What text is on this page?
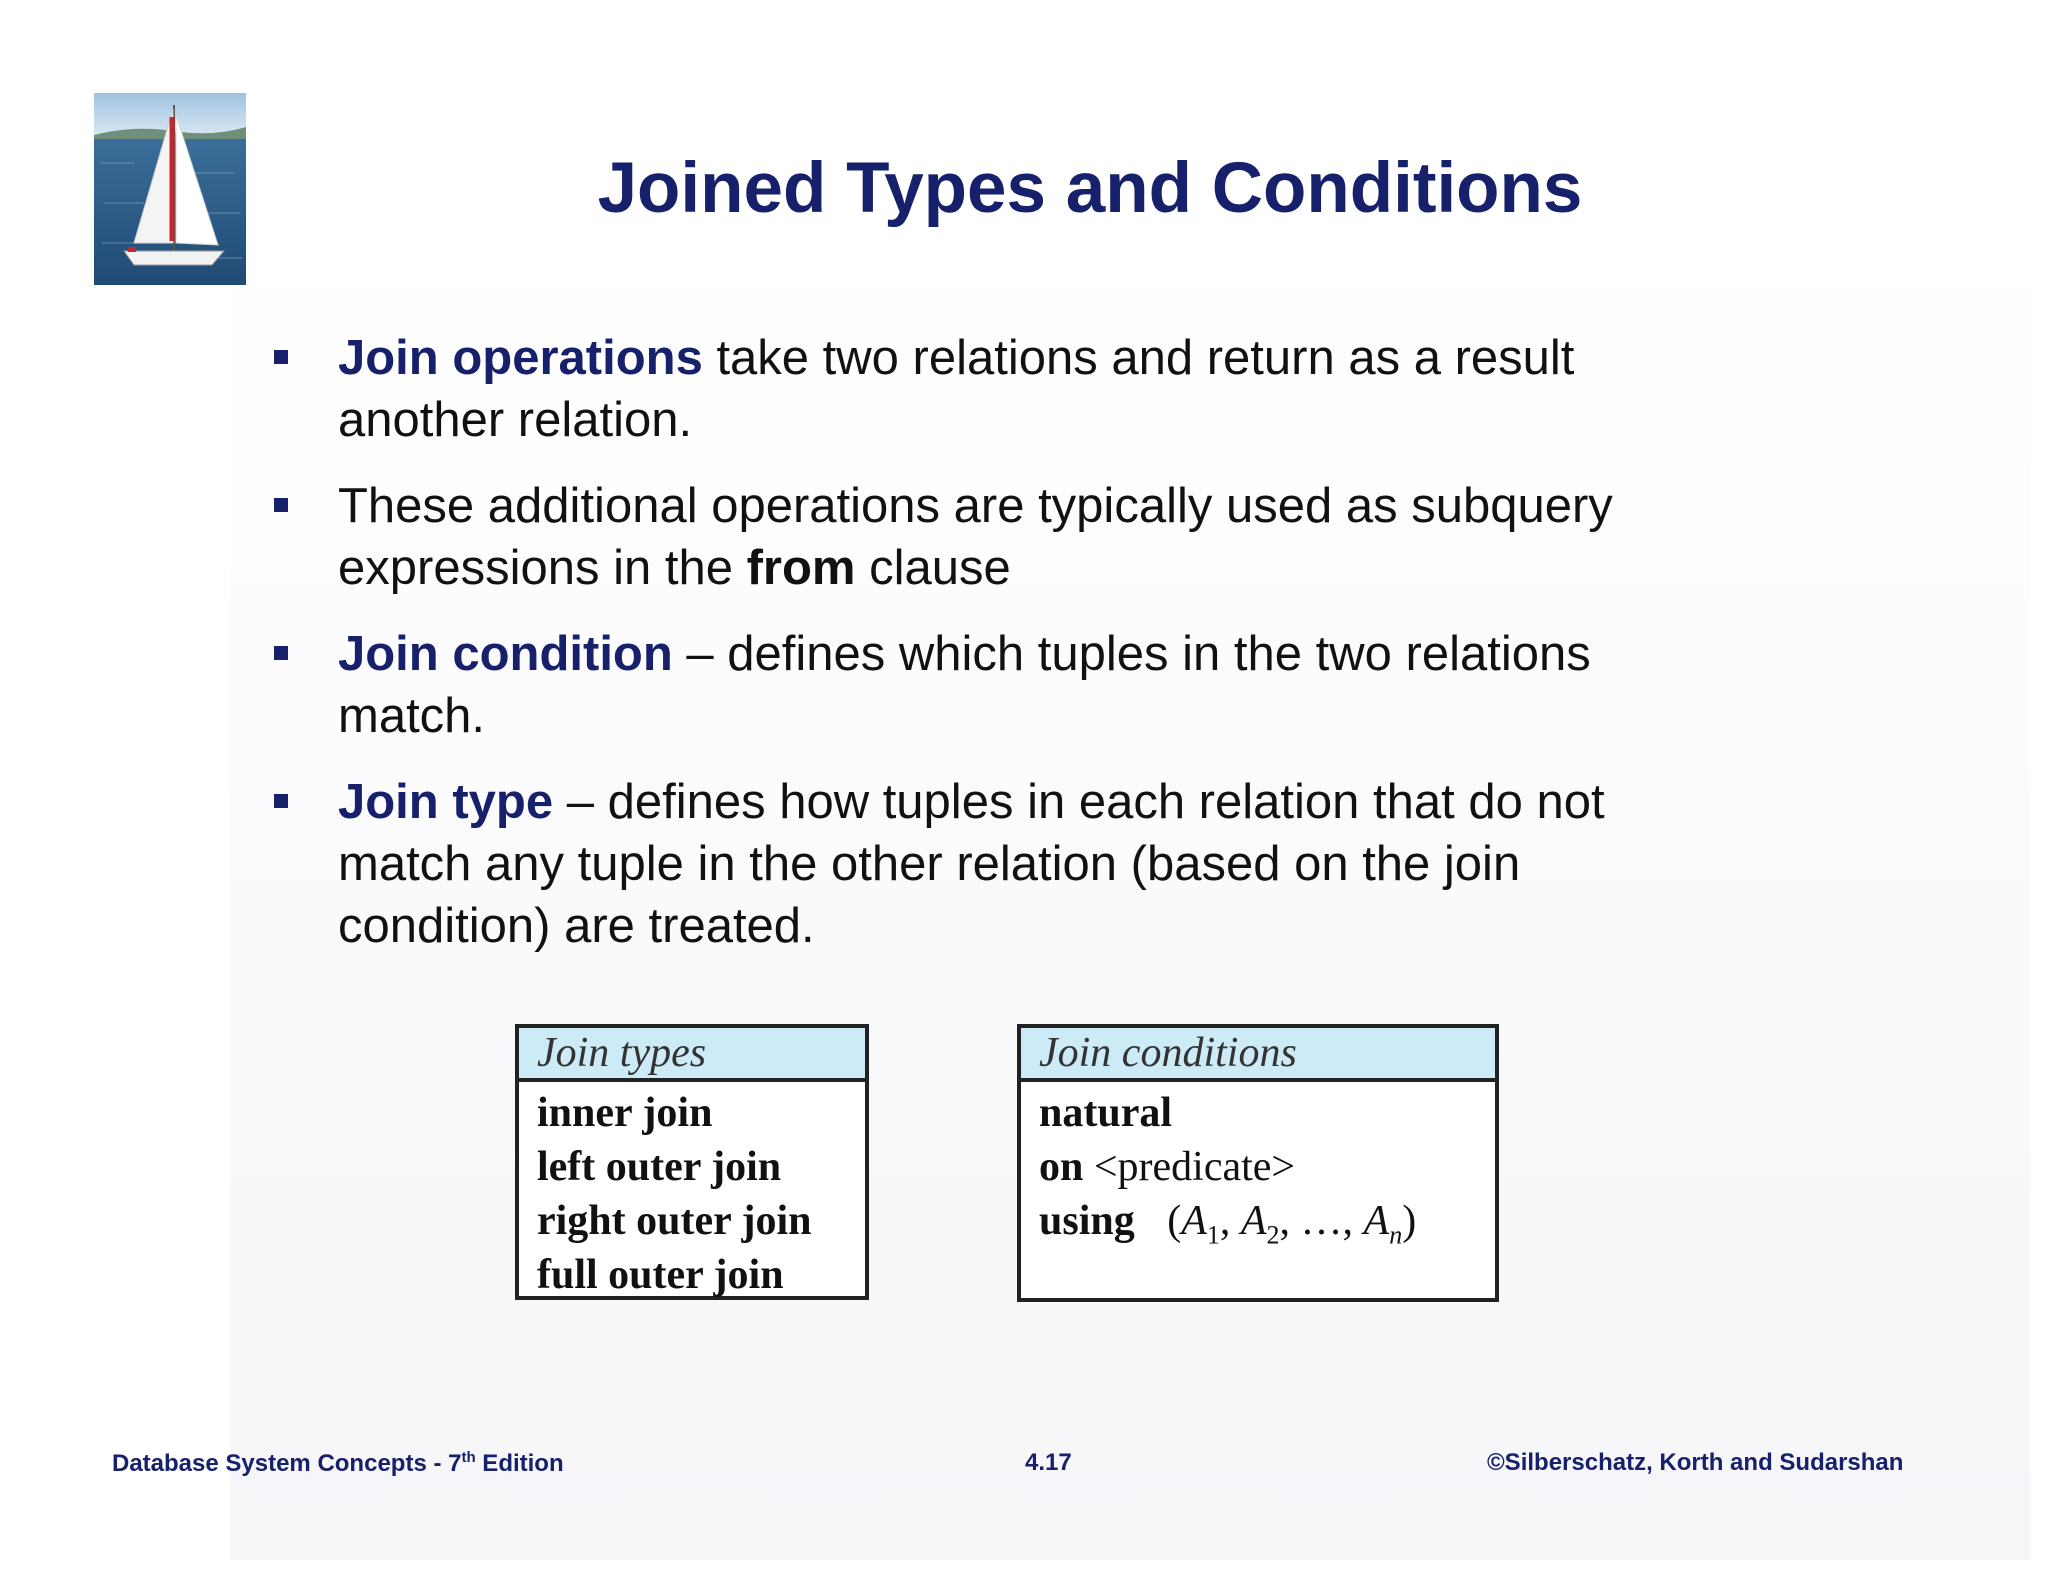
Joined Types and Conditions
Join operations take two relations and return as a result another relation.
These additional operations are typically used as subquery expressions in the from clause
Join condition – defines which tuples in the two relations match.
Join type – defines how tuples in each relation that do not match any tuple in the other relation (based on the join condition) are treated.
Join types
inner join
left outer join
right outer join
full outer join
Join conditions
natural
on <predicate>
using ($A_1$, $A_2$, …, $A_n$)
Database System Concepts - 7th Edition	4.17	©Silberschatz, Korth and Sudarshan
